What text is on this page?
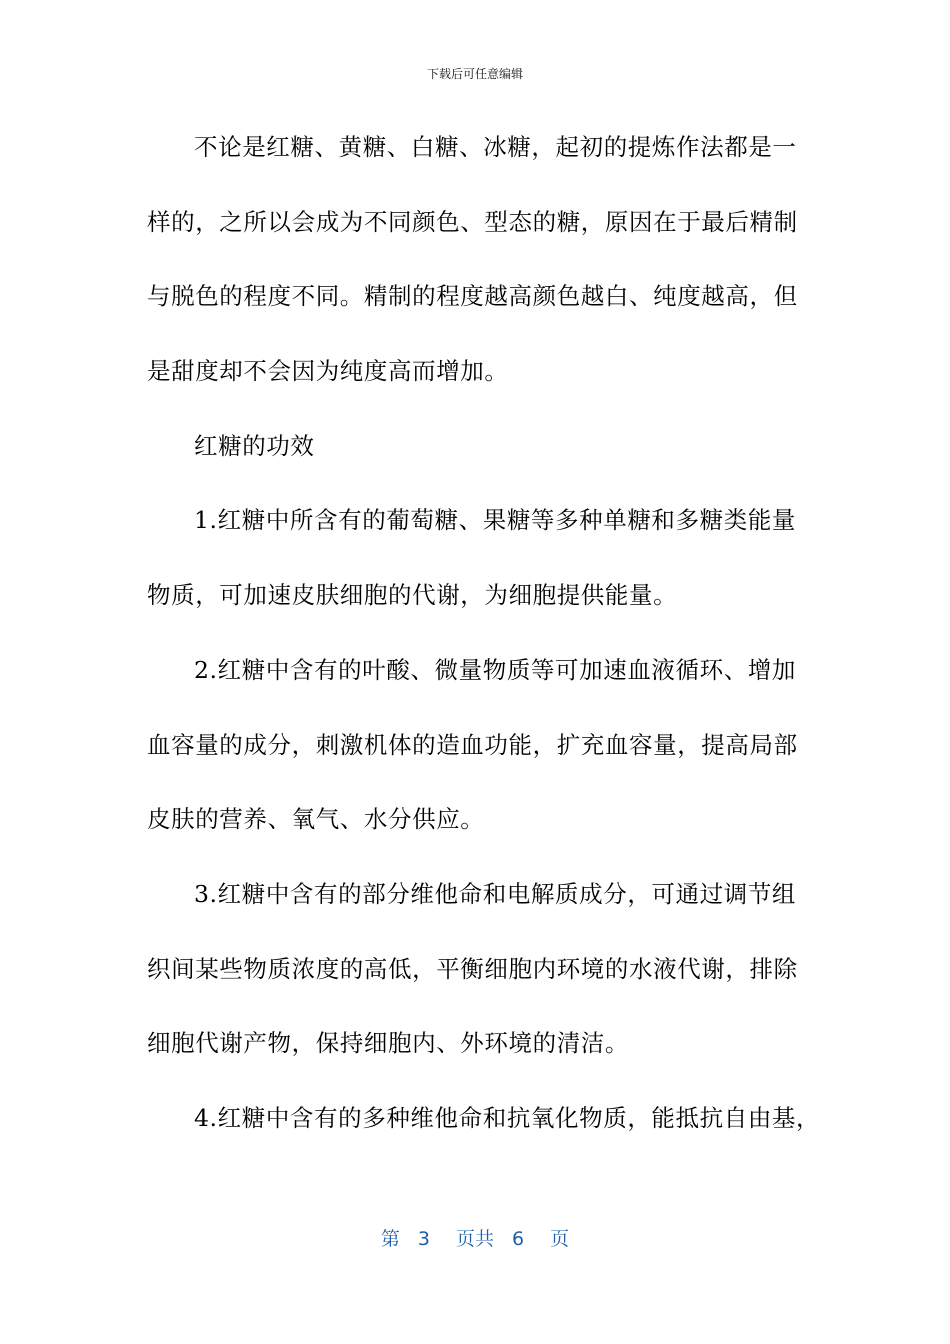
下载后可任意编辑
不论是红糖、黄糖、白糖、冰糖，起初的提炼作法都是一
样的，之所以会成为不同颜色、型态的糖，原因在于最后精制
与脱色的程度不同。精制的程度越高颜色越白、纯度越高，但
是甜度却不会因为纯度高而增加。
红糖的功效
1.红糖中所含有的葡萄糖、果糖等多种单糖和多糖类能量
物质，可加速皮肤细胞的代谢，为细胞提供能量。
2.红糖中含有的叶酸、微量物质等可加速血液循环、增加
血容量的成分，刺激机体的造血功能，扩充血容量，提高局部
皮肤的营养、氧气、水分供应。
3.红糖中含有的部分维他命和电解质成分，可通过调节组
织间某些物质浓度的高低，平衡细胞内环境的水液代谢，排除
细胞代谢产物，保持细胞内、外环境的清洁。
4.红糖中含有的多种维他命和抗氧化物质，能抵抗自由基，
第 3 页共 6 页
